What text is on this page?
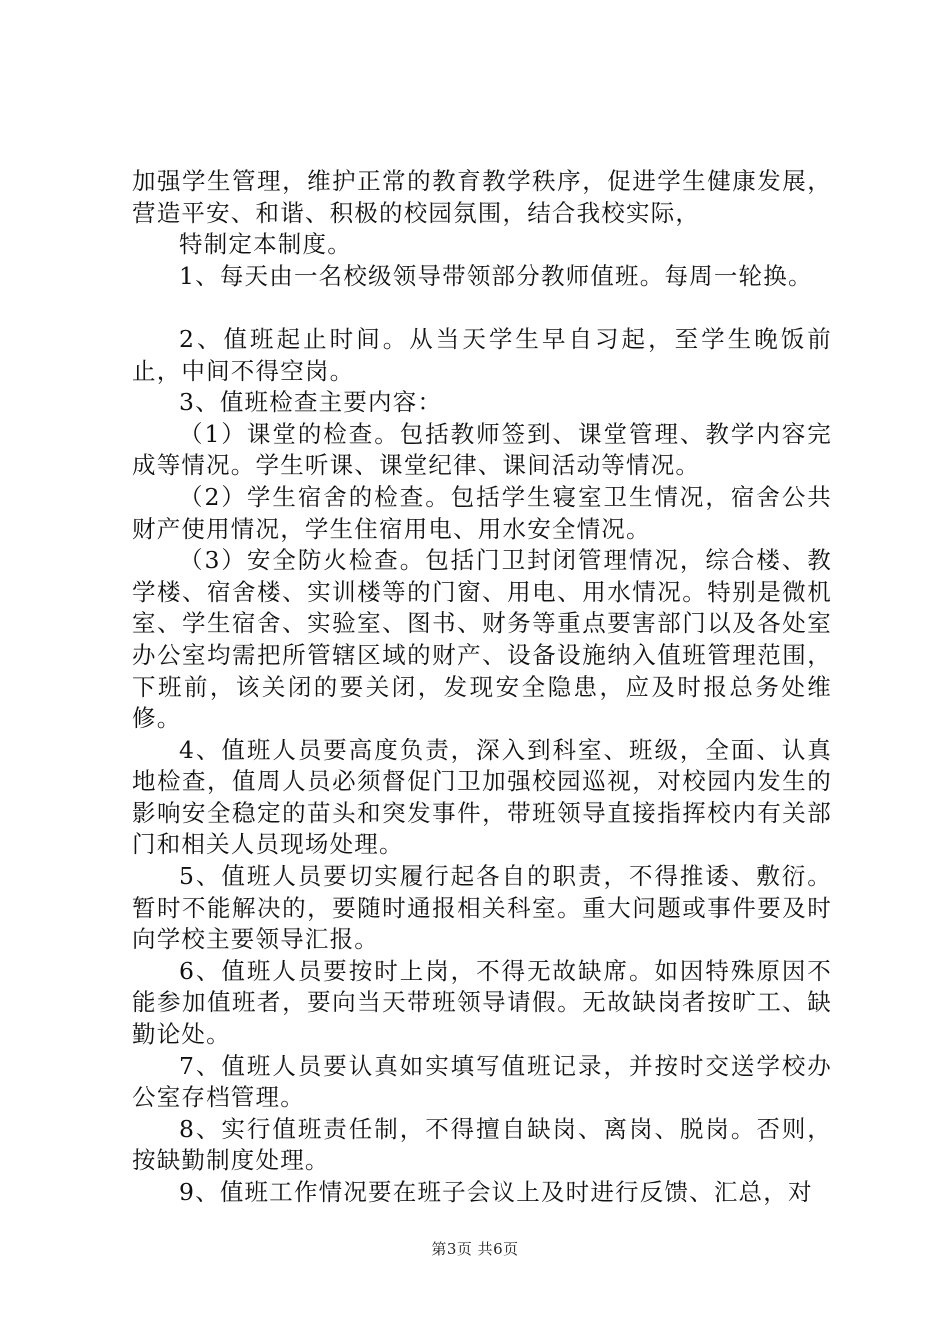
加强学生管理，维护正常的教育教学秩序，促进学生健康发展，营造平安、和谐、积极的校园氛围，结合我校实际，

特制定本制度。

1、每天由一名校级领导带领部分教师值班。每周一轮换。

2、值班起止时间。从当天学生早自习起，至学生晚饭前止，中间不得空岗。

3、值班检查主要内容：

（1）课堂的检查。包括教师签到、课堂管理、教学内容完成等情况。学生听课、课堂纪律、课间活动等情况。

（2）学生宿舍的检查。包括学生寝室卫生情况，宿舍公共财产使用情况，学生住宿用电、用水安全情况。

（3）安全防火检查。包括门卫封闭管理情况，综合楼、教学楼、宿舍楼、实训楼等的门窗、用电、用水情况。特别是微机室、学生宿舍、实验室、图书、财务等重点要害部门以及各处室办公室均需把所管辖区域的财产、设备设施纳入值班管理范围，下班前，该关闭的要关闭，发现安全隐患，应及时报总务处维修。

4、值班人员要高度负责，深入到科室、班级，全面、认真地检查，值周人员必须督促门卫加强校园巡视，对校园内发生的影响安全稳定的苗头和突发事件，带班领导直接指挥校内有关部门和相关人员现场处理。

5、值班人员要切实履行起各自的职责，不得推诿、敷衍。暂时不能解决的，要随时通报相关科室。重大问题或事件要及时向学校主要领导汇报。

6、值班人员要按时上岗，不得无故缺席。如因特殊原因不能参加值班者，要向当天带班领导请假。无故缺岗者按旷工、缺勤论处。

7、值班人员要认真如实填写值班记录，并按时交送学校办公室存档管理。

8、实行值班责任制，不得擅自缺岗、离岗、脱岗。否则，按缺勤制度处理。

9、值班工作情况要在班子会议上及时进行反馈、汇总，对

第3页 共6页
